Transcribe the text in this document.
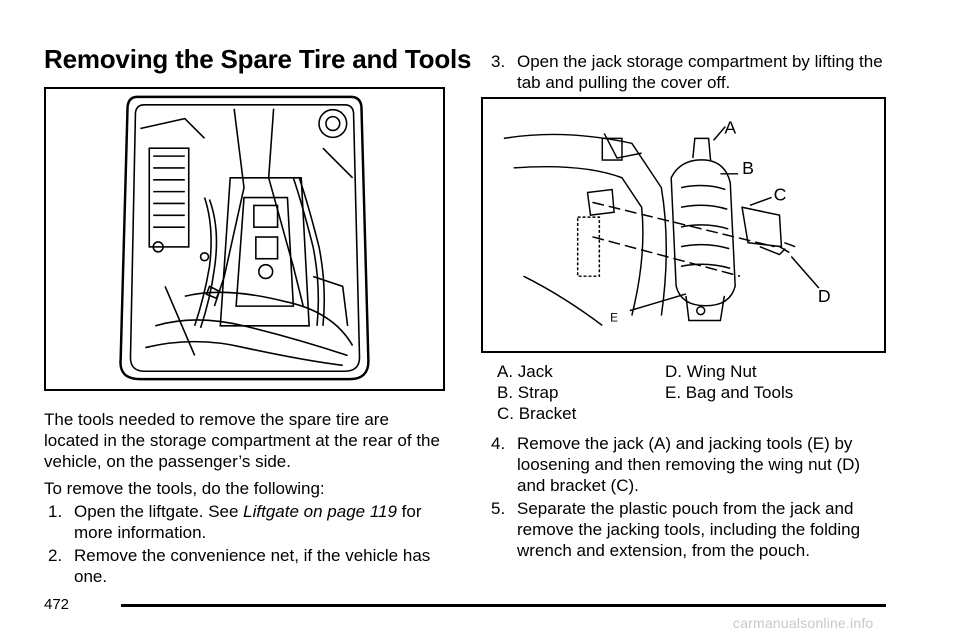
Removing the Spare Tire and Tools

The tools needed to remove the spare tire are located in the storage compartment at the rear of the vehicle, on the passenger’s side.

To remove the tools, do the following:

1. Open the liftgate. See Liftgate on page 119 for more information.
2. Remove the convenience net, if the vehicle has one.
3. Open the jack storage compartment by lifting the tab and pulling the cover off.
A
B
C
D
E
A. Jack
B. Strap
C. Bracket
D. Wing Nut
E. Bag and Tools
4. Remove the jack (A) and jacking tools (E) by loosening and then removing the wing nut (D) and bracket (C).
5. Separate the plastic pouch from the jack and remove the jacking tools, including the folding wrench and extension, from the pouch.
472
carmanualsonline.info
